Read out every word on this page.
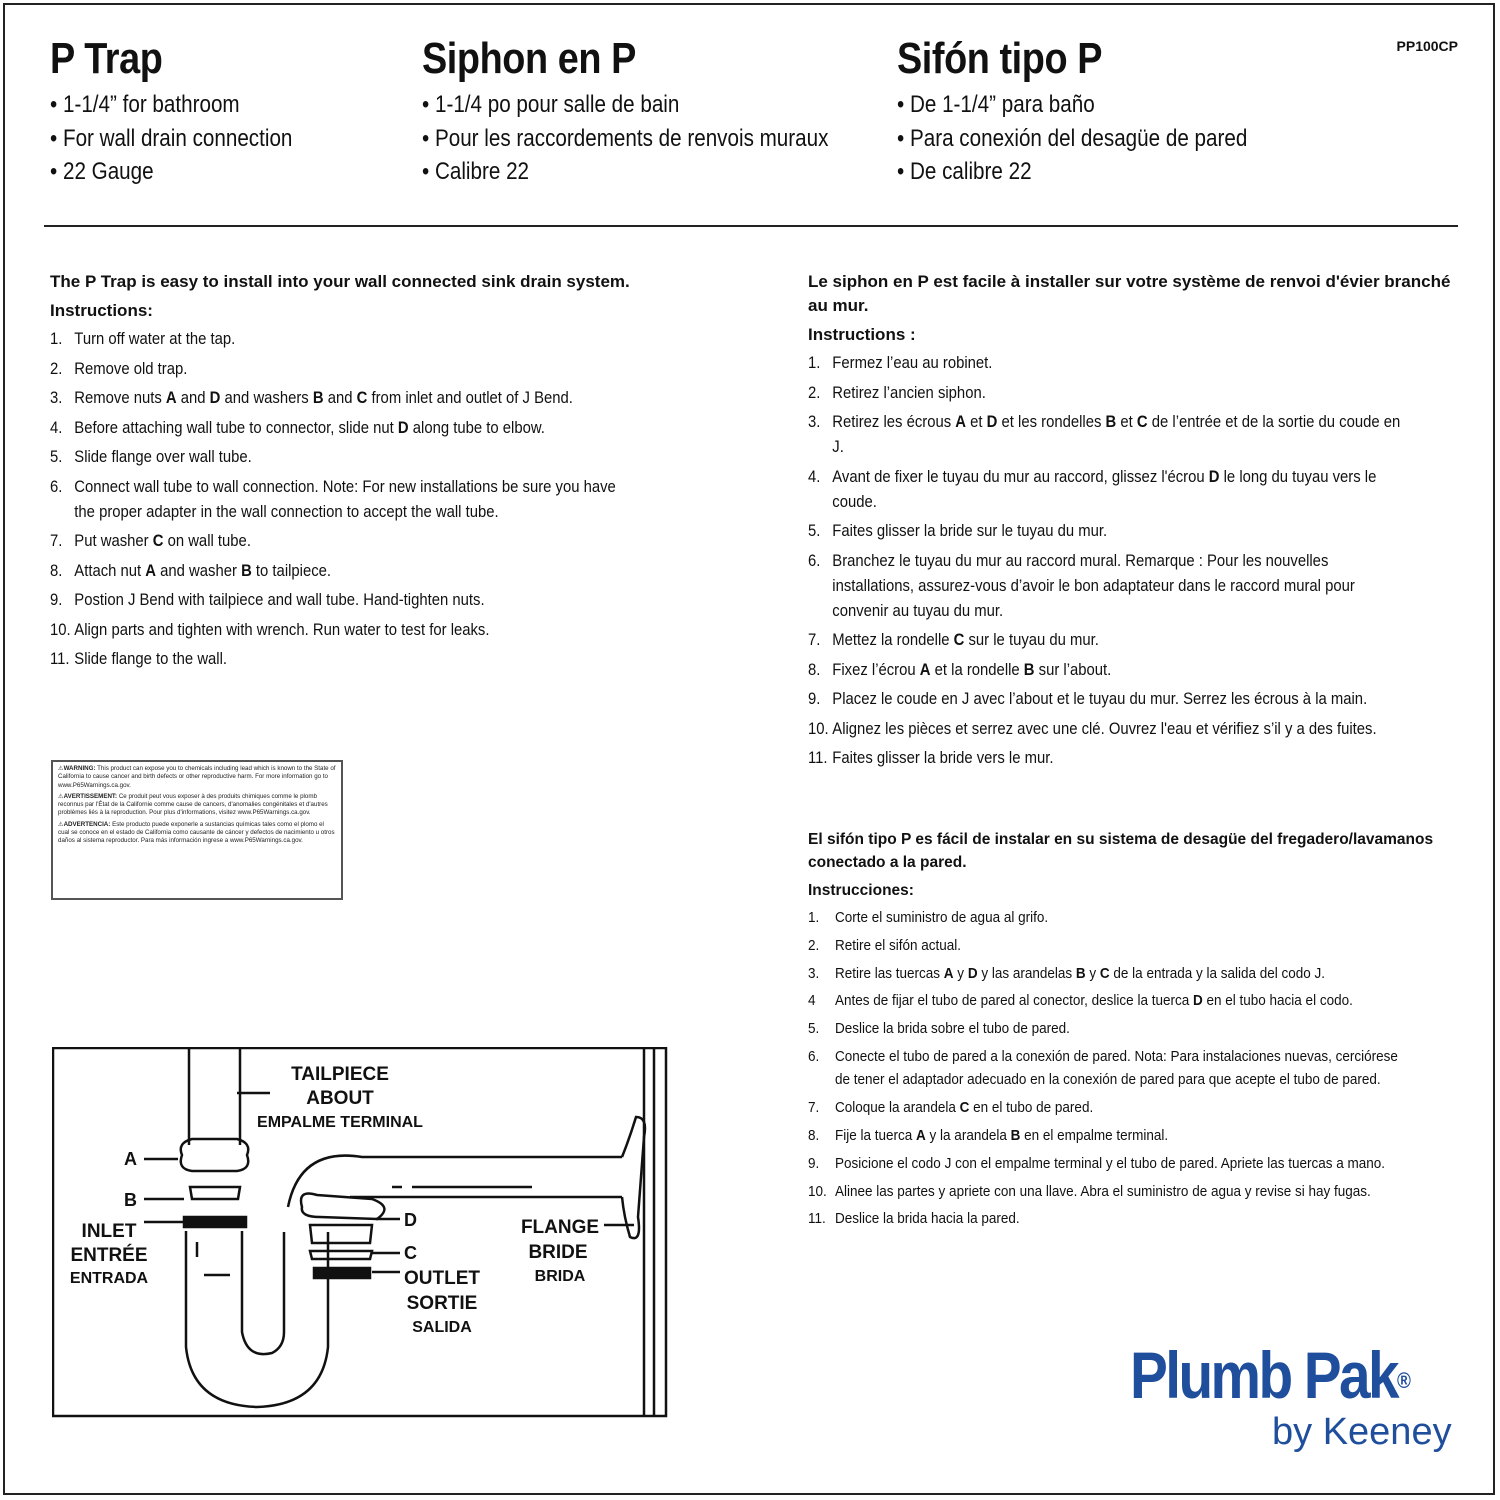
P Trap
• 1-1/4” for bathroom
• For wall drain connection
• 22 Gauge
Siphon en P
• 1-1/4 po pour salle de bain
• Pour les raccordements de renvois muraux
• Calibre 22
Sifón tipo P
• De 1-1/4” para baño
• Para conexión del desagüe de pared
• De calibre 22
PP100CP

The P Trap is easy to install into your wall connected sink drain system.

Instructions:

1. Turn off water at the tap.
2. Remove old trap.
3. Remove nuts A and D and washers B and C from inlet and outlet of J Bend.
4. Before attaching wall tube to connector, slide nut D along tube to elbow.
5. Slide flange over wall tube.
6. Connect wall tube to wall connection. Note: For new installations be sure you have the proper adapter in the wall connection to accept the wall tube.
7. Put washer C on wall tube.
8. Attach nut A and washer B to tailpiece.
9. Postion J Bend with tailpiece and wall tube. Hand-tighten nuts.
10. Align parts and tighten with wrench. Run water to test for leaks.
11. Slide flange to the wall.

Le siphon en P est facile à installer sur votre système de renvoi d'évier branché au mur.

Instructions :

1. Fermez l’eau au robinet.
2. Retirez l’ancien siphon.
3. Retirez les écrous A et D et les rondelles B et C de l’entrée et de la sortie du coude en J.
4. Avant de fixer le tuyau du mur au raccord, glissez l'écrou D le long du tuyau vers le coude.
5. Faites glisser la bride sur le tuyau du mur.
6. Branchez le tuyau du mur au raccord mural. Remarque : Pour les nouvelles installations, assurez-vous d’avoir le bon adaptateur dans le raccord mural pour convenir au tuyau du mur.
7. Mettez la rondelle C sur le tuyau du mur.
8. Fixez l’écrou A et la rondelle B sur l’about.
9. Placez le coude en J avec l’about et le tuyau du mur. Serrez les écrous à la main.
10. Alignez les pièces et serrez avec une clé. Ouvrez l'eau et vérifiez s’il y a des fuites.
11. Faites glisser la bride vers le mur.

El sifón tipo P es fácil de instalar en su sistema de desagüe del fregadero/lavamanos conectado a la pared.

Instrucciones:

1. Corte el suministro de agua al grifo.
2. Retire el sifón actual.
3. Retire las tuercas A y D y las arandelas B y C de la entrada y la salida del codo J.
4 Antes de fijar el tubo de pared al conector, deslice la tuerca D en el tubo hacia el codo.
5. Deslice la brida sobre el tubo de pared.
6. Conecte el tubo de pared a la conexión de pared. Nota: Para instalaciones nuevas, cerciórese de tener el adaptador adecuado en la conexión de pared para que acepte el tubo de pared.
7. Coloque la arandela C en el tubo de pared.
8. Fije la tuerca A y la arandela B en el empalme terminal.
9. Posicione el codo J con el empalme terminal y el tubo de pared. Apriete las tuercas a mano.
10. Alinee las partes y apriete con una llave. Abra el suministro de agua y revise si hay fugas.
11. Deslice la brida hacia la pared.

⚠WARNING: This product can expose you to chemicals including lead which is known to the State of California to cause cancer and birth defects or other reproductive harm. For more information go to www.P65Warnings.ca.gov.

⚠AVERTISSEMENT: Ce produit peut vous exposer à des produits chimiques comme le plomb reconnus par l'État de la Californie comme cause de cancers, d'anomalies congénitales et d'autres problèmes liés à la reproduction. Pour plus d'informations, visitez www.P65Warnings.ca.gov.

⚠ADVERTENCIA: Este producto puede exponerle a sustancias químicas tales como el plomo el cual se conoce en el estado de California como causante de cáncer y defectos de nacimiento u otros daños al sistema reproductor. Para más información ingrese a www.P65Warnings.ca.gov.

TAILPIECE
ABOUT
EMPALME TERMINAL
A
B
INLET
ENTRÉE
ENTRADA
D
C
OUTLET
SORTIE
SALIDA
FLANGE
BRIDE
BRIDA
Plumb Pak®
by Keeney
